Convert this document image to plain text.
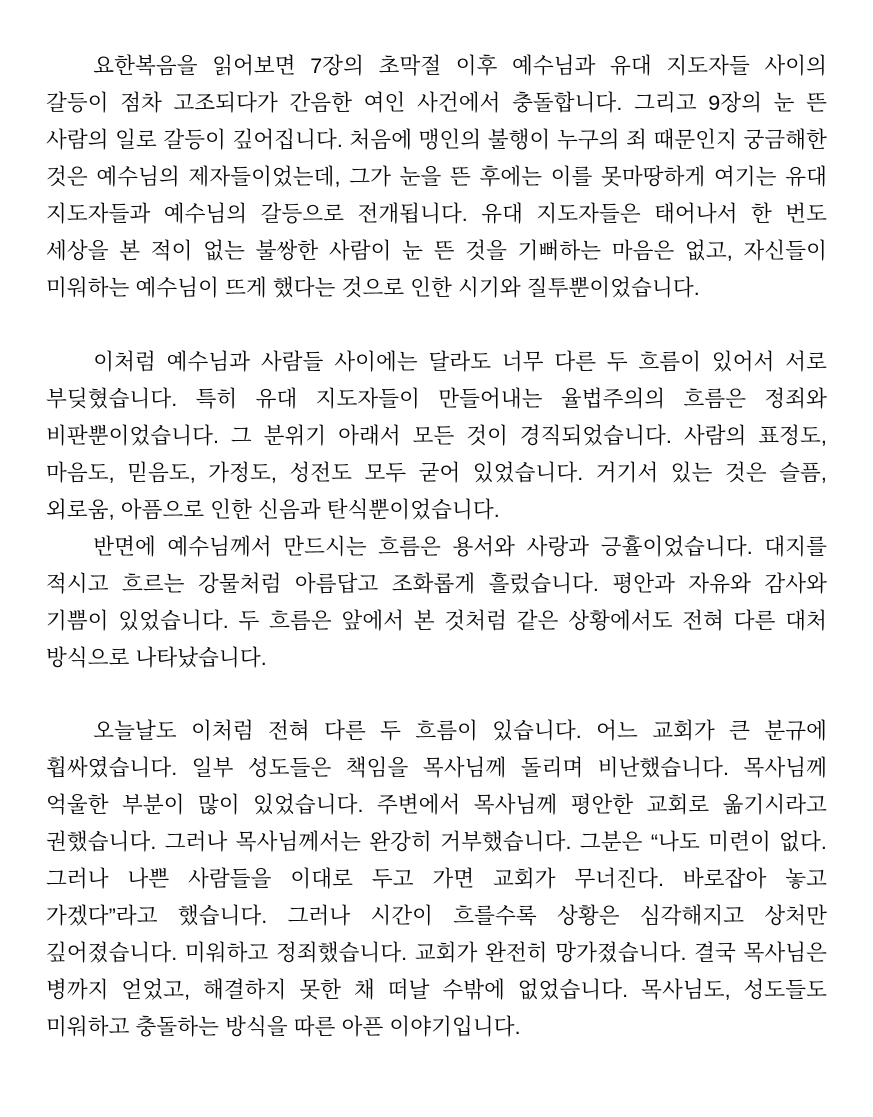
요한복음을 읽어보면 7장의 초막절 이후 예수님과 유대 지도자들 사이의 갈등이 점차 고조되다가 간음한 여인 사건에서 충돌합니다. 그리고 9장의 눈 뜬 사람의 일로 갈등이 깊어집니다. 처음에 맹인의 불행이 누구의 죄 때문인지 궁금해한 것은 예수님의 제자들이었는데, 그가 눈을 뜬 후에는 이를 못마땅하게 여기는 유대 지도자들과 예수님의 갈등으로 전개됩니다. 유대 지도자들은 태어나서 한 번도 세상을 본 적이 없는 불쌍한 사람이 눈 뜬 것을 기뻐하는 마음은 없고, 자신들이 미워하는 예수님이 뜨게 했다는 것으로 인한 시기와 질투뿐이었습니다.

이처럼 예수님과 사람들 사이에는 달라도 너무 다른 두 흐름이 있어서 서로 부딪혔습니다. 특히 유대 지도자들이 만들어내는 율법주의의 흐름은 정죄와 비판뿐이었습니다. 그 분위기 아래서 모든 것이 경직되었습니다. 사람의 표정도, 마음도, 믿음도, 가정도, 성전도 모두 굳어 있었습니다. 거기서 있는 것은 슬픔, 외로움, 아픔으로 인한 신음과 탄식뿐이었습니다.

반면에 예수님께서 만드시는 흐름은 용서와 사랑과 긍휼이었습니다. 대지를 적시고 흐르는 강물처럼 아름답고 조화롭게 흘렀습니다. 평안과 자유와 감사와 기쁨이 있었습니다. 두 흐름은 앞에서 본 것처럼 같은 상황에서도 전혀 다른 대처 방식으로 나타났습니다.

오늘날도 이처럼 전혀 다른 두 흐름이 있습니다. 어느 교회가 큰 분규에 휩싸였습니다. 일부 성도들은 책임을 목사님께 돌리며 비난했습니다. 목사님께 억울한 부분이 많이 있었습니다. 주변에서 목사님께 평안한 교회로 옮기시라고 권했습니다. 그러나 목사님께서는 완강히 거부했습니다. 그분은 “나도 미련이 없다. 그러나 나쁜 사람들을 이대로 두고 가면 교회가 무너진다. 바로잡아 놓고 가겠다”라고 했습니다. 그러나 시간이 흐를수록 상황은 심각해지고 상처만 깊어졌습니다. 미워하고 정죄했습니다. 교회가 완전히 망가졌습니다. 결국 목사님은 병까지 얻었고, 해결하지 못한 채 떠날 수밖에 없었습니다. 목사님도, 성도들도 미워하고 충돌하는 방식을 따른 아픈 이야기입니다.
